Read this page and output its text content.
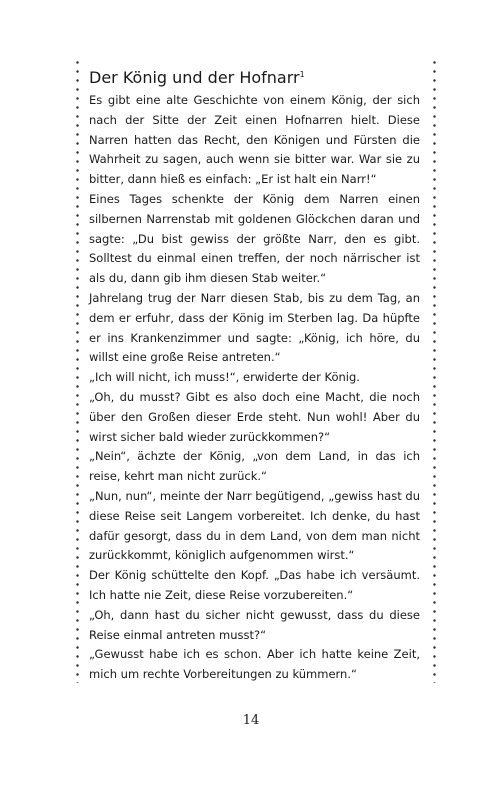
Der König und der Hofnarr$^1$

Es gibt eine alte Geschichte von einem König, der sich nach der Sitte der Zeit einen Hofnarren hielt. Diese Narren hatten das Recht, den Königen und Fürsten die Wahrheit zu sagen, auch wenn sie bitter war. War sie zu bitter, dann hieß es einfach: „Er ist halt ein Narr!“

Eines Tages schenkte der König dem Narren einen silbernen Narrenstab mit goldenen Glöckchen daran und sagte: „Du bist gewiss der größte Narr, den es gibt. Solltest du einmal einen treffen, der noch närrischer ist als du, dann gib ihm diesen Stab weiter.“

Jahrelang trug der Narr diesen Stab, bis zu dem Tag, an dem er erfuhr, dass der König im Sterben lag. Da hüpfte er ins Krankenzimmer und sagte: „König, ich höre, du willst eine große Reise antreten.“

„Ich will nicht, ich muss!“, erwiderte der König.

„Oh, du musst? Gibt es also doch eine Macht, die noch über den Großen dieser Erde steht. Nun wohl! Aber du wirst sicher bald wieder zurückkommen?“

„Nein“, ächzte der König, „von dem Land, in das ich reise, kehrt man nicht zurück.“

„Nun, nun“, meinte der Narr begütigend, „gewiss hast du diese Reise seit Langem vorbereitet. Ich denke, du hast dafür gesorgt, dass du in dem Land, von dem man nicht zurückkommt, königlich aufgenommen wirst.“

Der König schüttelte den Kopf. „Das habe ich versäumt. Ich hatte nie Zeit, diese Reise vorzubereiten.“

„Oh, dann hast du sicher nicht gewusst, dass du diese Reise einmal antreten musst?“

„Gewusst habe ich es schon. Aber ich hatte keine Zeit, mich um rechte Vorbereitungen zu kümmern.“

14
